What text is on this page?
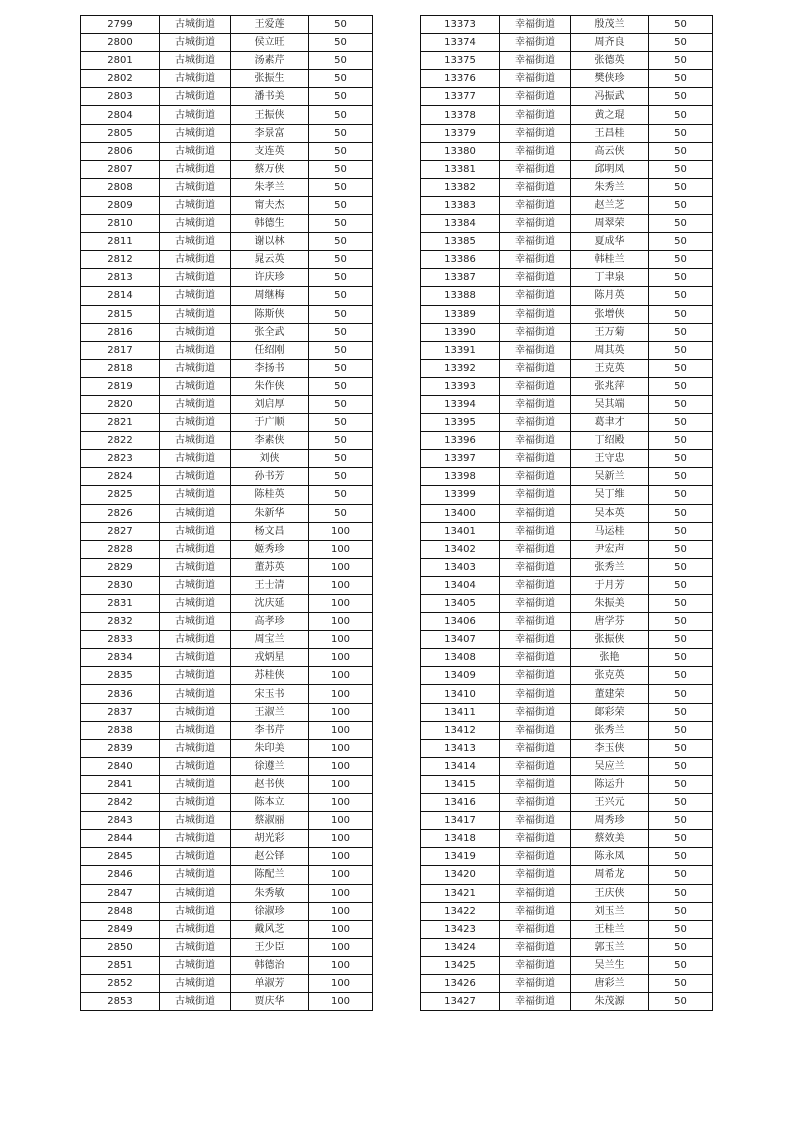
2799	古城街道	王爱莲	50
2800	古城街道	侯立旺	50
2801	古城街道	汤素芹	50
2802	古城街道	张振生	50
2803	古城街道	潘书美	50
2804	古城街道	王振侠	50
2805	古城街道	李景富	50
2806	古城街道	支连英	50
2807	古城街道	蔡万侠	50
2808	古城街道	朱孝兰	50
2809	古城街道	甯夫杰	50
2810	古城街道	韩德生	50
2811	古城街道	谢以林	50
2812	古城街道	晁云英	50
2813	古城街道	许庆珍	50
2814	古城街道	周继梅	50
2815	古城街道	陈斯侠	50
2816	古城街道	张全武	50
2817	古城街道	任绍刚	50
2818	古城街道	李扬书	50
2819	古城街道	朱作侠	50
2820	古城街道	刘启厚	50
2821	古城街道	于广顺	50
2822	古城街道	李素侠	50
2823	古城街道	刘侠	50
2824	古城街道	孙书芳	50
2825	古城街道	陈桂英	50
2826	古城街道	朱新华	50
2827	古城街道	杨文昌	100
2828	古城街道	姬秀珍	100
2829	古城街道	董苏英	100
2830	古城街道	王士清	100
2831	古城街道	沈庆延	100
2832	古城街道	高孝珍	100
2833	古城街道	周宝兰	100
2834	古城街道	戎炳星	100
2835	古城街道	苏桂侠	100
2836	古城街道	宋玉书	100
2837	古城街道	王淑兰	100
2838	古城街道	李书芹	100
2839	古城街道	朱印美	100
2840	古城街道	徐遵兰	100
2841	古城街道	赵书侠	100
2842	古城街道	陈本立	100
2843	古城街道	蔡淑丽	100
2844	古城街道	胡光彩	100
2845	古城街道	赵公铎	100
2846	古城街道	陈配兰	100
2847	古城街道	朱秀敏	100
2848	古城街道	徐淑珍	100
2849	古城街道	戴风芝	100
2850	古城街道	王少臣	100
2851	古城街道	韩德治	100
2852	古城街道	单淑芳	100
2853	古城街道	贾庆华	100
13373	幸福街道	殷茂兰	50
13374	幸福街道	周齐良	50
13375	幸福街道	张德英	50
13376	幸福街道	樊侠珍	50
13377	幸福街道	冯振武	50
13378	幸福街道	黄之琨	50
13379	幸福街道	王昌桂	50
13380	幸福街道	高云侠	50
13381	幸福街道	邱明凤	50
13382	幸福街道	朱秀兰	50
13383	幸福街道	赵兰芝	50
13384	幸福街道	周翠荣	50
13385	幸福街道	夏成华	50
13386	幸福街道	韩桂兰	50
13387	幸福街道	丁聿泉	50
13388	幸福街道	陈月英	50
13389	幸福街道	张增侠	50
13390	幸福街道	王万菊	50
13391	幸福街道	周其英	50
13392	幸福街道	王克英	50
13393	幸福街道	张兆萍	50
13394	幸福街道	吴其端	50
13395	幸福街道	葛聿才	50
13396	幸福街道	丁绍殿	50
13397	幸福街道	王守忠	50
13398	幸福街道	吴新兰	50
13399	幸福街道	吴丁维	50
13400	幸福街道	吴本英	50
13401	幸福街道	马运桂	50
13402	幸福街道	尹宏声	50
13403	幸福街道	张秀兰	50
13404	幸福街道	于月芳	50
13405	幸福街道	朱振美	50
13406	幸福街道	唐学芬	50
13407	幸福街道	张振侠	50
13408	幸福街道	张艳	50
13409	幸福街道	张克英	50
13410	幸福街道	董建荣	50
13411	幸福街道	郞彩荣	50
13412	幸福街道	张秀兰	50
13413	幸福街道	李玉侠	50
13414	幸福街道	吴应兰	50
13415	幸福街道	陈运升	50
13416	幸福街道	王兴元	50
13417	幸福街道	周秀珍	50
13418	幸福街道	蔡效美	50
13419	幸福街道	陈永凤	50
13420	幸福街道	周希龙	50
13421	幸福街道	王庆侠	50
13422	幸福街道	刘玉兰	50
13423	幸福街道	王桂兰	50
13424	幸福街道	郭玉兰	50
13425	幸福街道	吴兰生	50
13426	幸福街道	唐彩兰	50
13427	幸福街道	朱茂源	50
